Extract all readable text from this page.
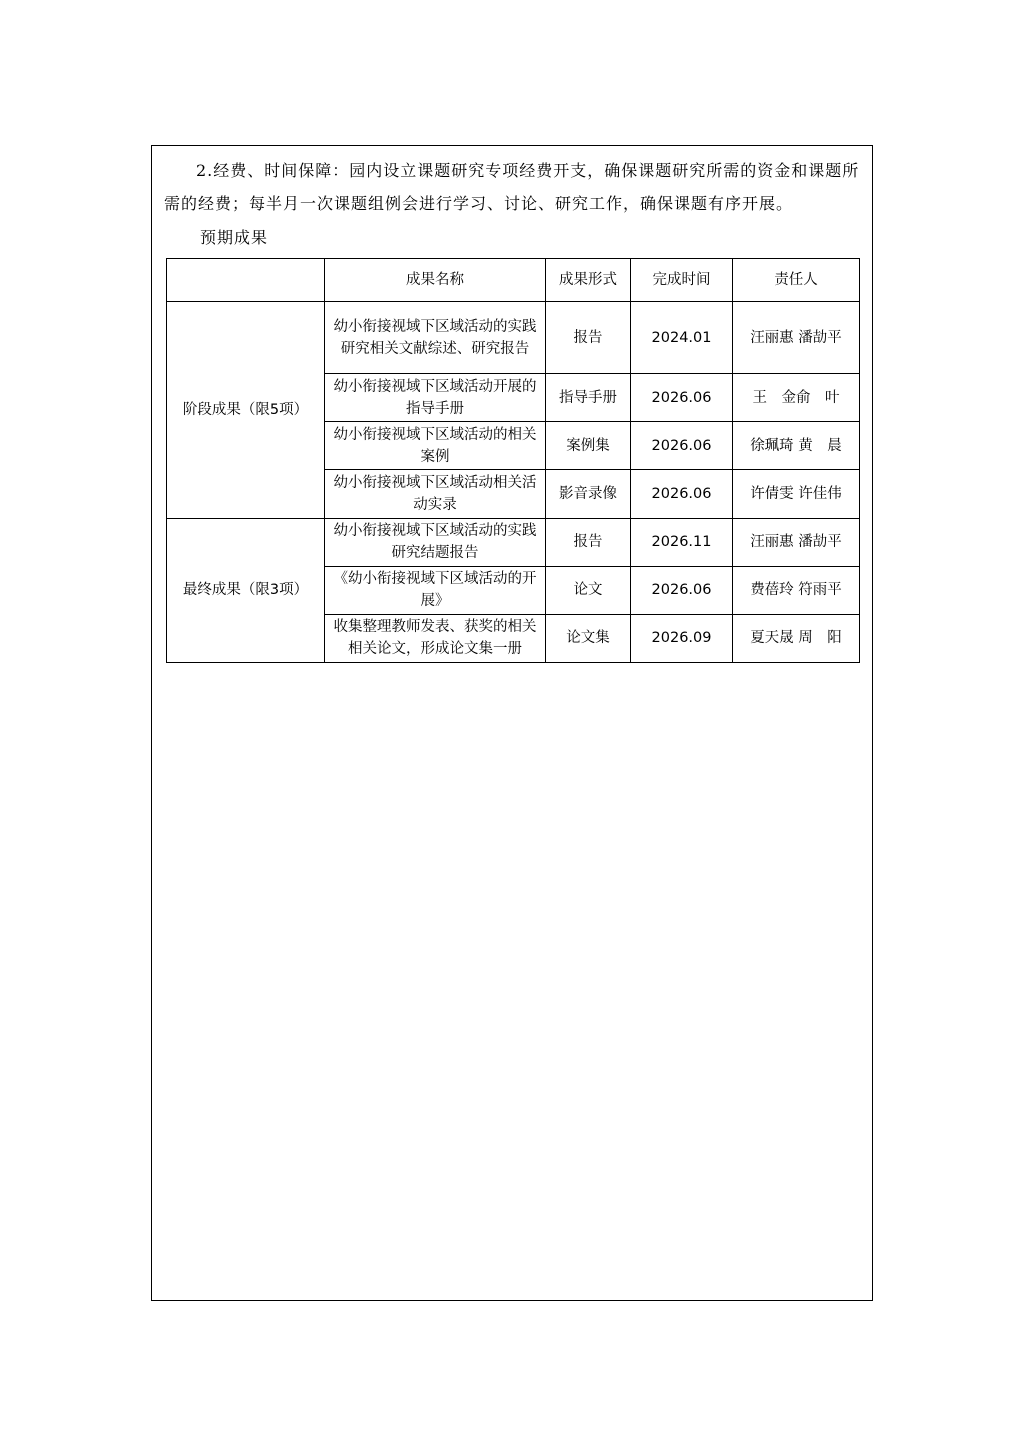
2.经费、时间保障：园内设立课题研究专项经费开支，确保课题研究所需的资金和课题所需的经费；每半月一次课题组例会进行学习、讨论、研究工作，确保课题有序开展。
预期成果
	成果名称	成果形式	完成时间	责任人
阶段成果（限5项）	幼小衔接视域下区域活动的实践研究相关文献综述、研究报告	报告	2024.01	汪丽惠 潘劼平
	幼小衔接视域下区域活动开展的指导手册	指导手册	2026.06	王　金俞　叶
	幼小衔接视域下区域活动的相关案例	案例集	2026.06	徐珮琦 黄　晨
	幼小衔接视域下区域活动相关活动实录	影音录像	2026.06	许倩雯 许佳伟
最终成果（限3项）	幼小衔接视域下区域活动的实践研究结题报告	报告	2026.11	汪丽惠 潘劼平
	《幼小衔接视域下区域活动的开展》	论文	2026.06	费蓓玲 符雨平
	收集整理教师发表、获奖的相关相关论文，形成论文集一册	论文集	2026.09	夏天晟 周　阳
